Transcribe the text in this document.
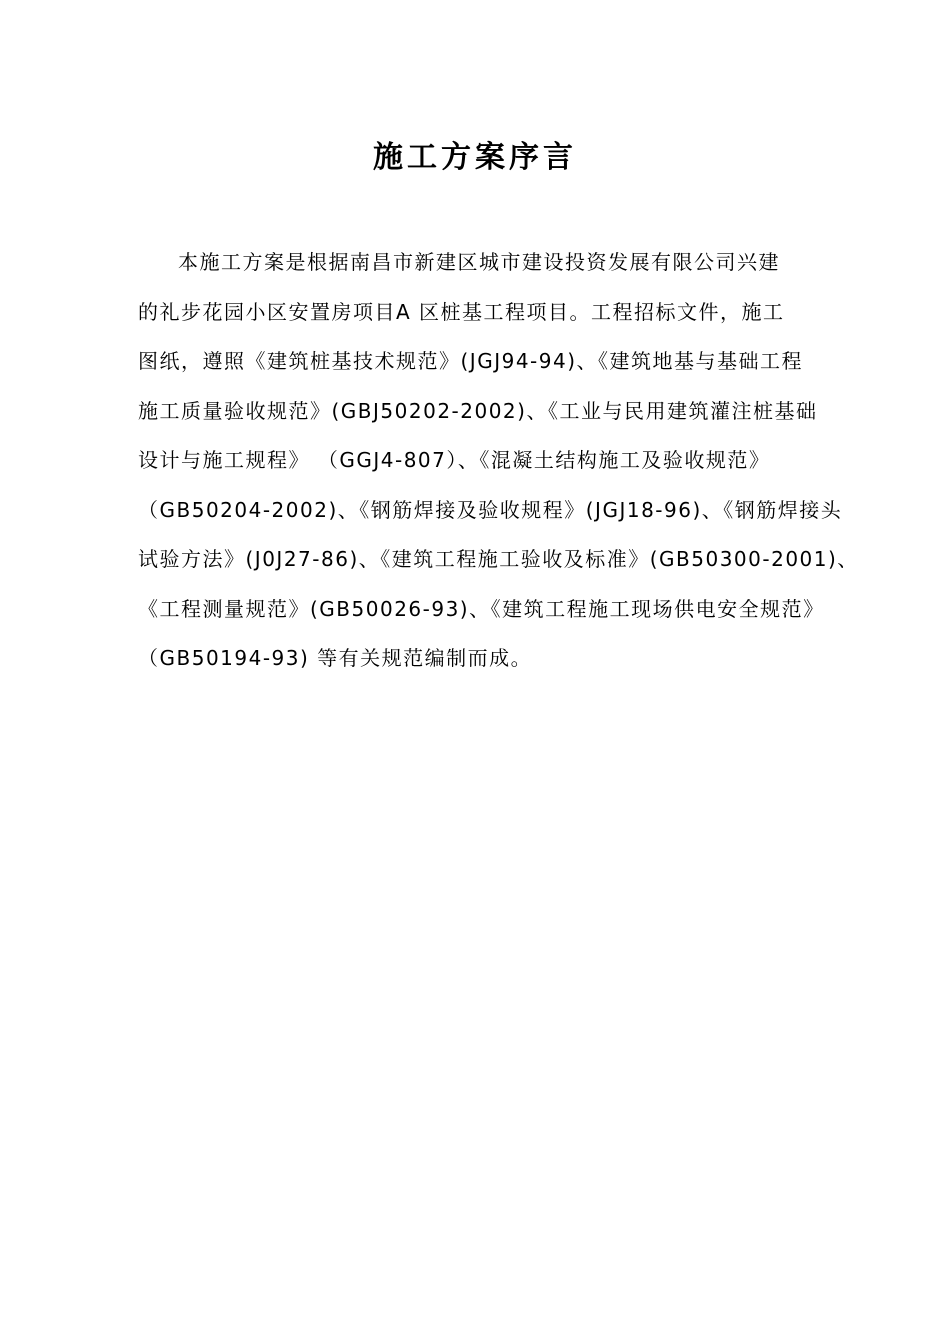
施工方案序言
本施工方案是根据南昌市新建区城市建设投资发展有限公司兴建
的礼步花园小区安置房项目A 区桩基工程项目。工程招标文件，施工
图纸，遵照《建筑桩基技术规范》(JGJ94-94)、《建筑地基与基础工程
施工质量验收规范》(GBJ50202-2002)、《工业与民用建筑灌注桩基础
设计与施工规程》 （GGJ4-807）、《混凝土结构施工及验收规范》
（GB50204-2002)、《钢筋焊接及验收规程》(JGJ18-96)、《钢筋焊接头
试验方法》(J0J27-86)、《建筑工程施工验收及标准》(GB50300-2001)、
《工程测量规范》(GB50026-93)、《建筑工程施工现场供电安全规范》
（GB50194-93) 等有关规范编制而成。
